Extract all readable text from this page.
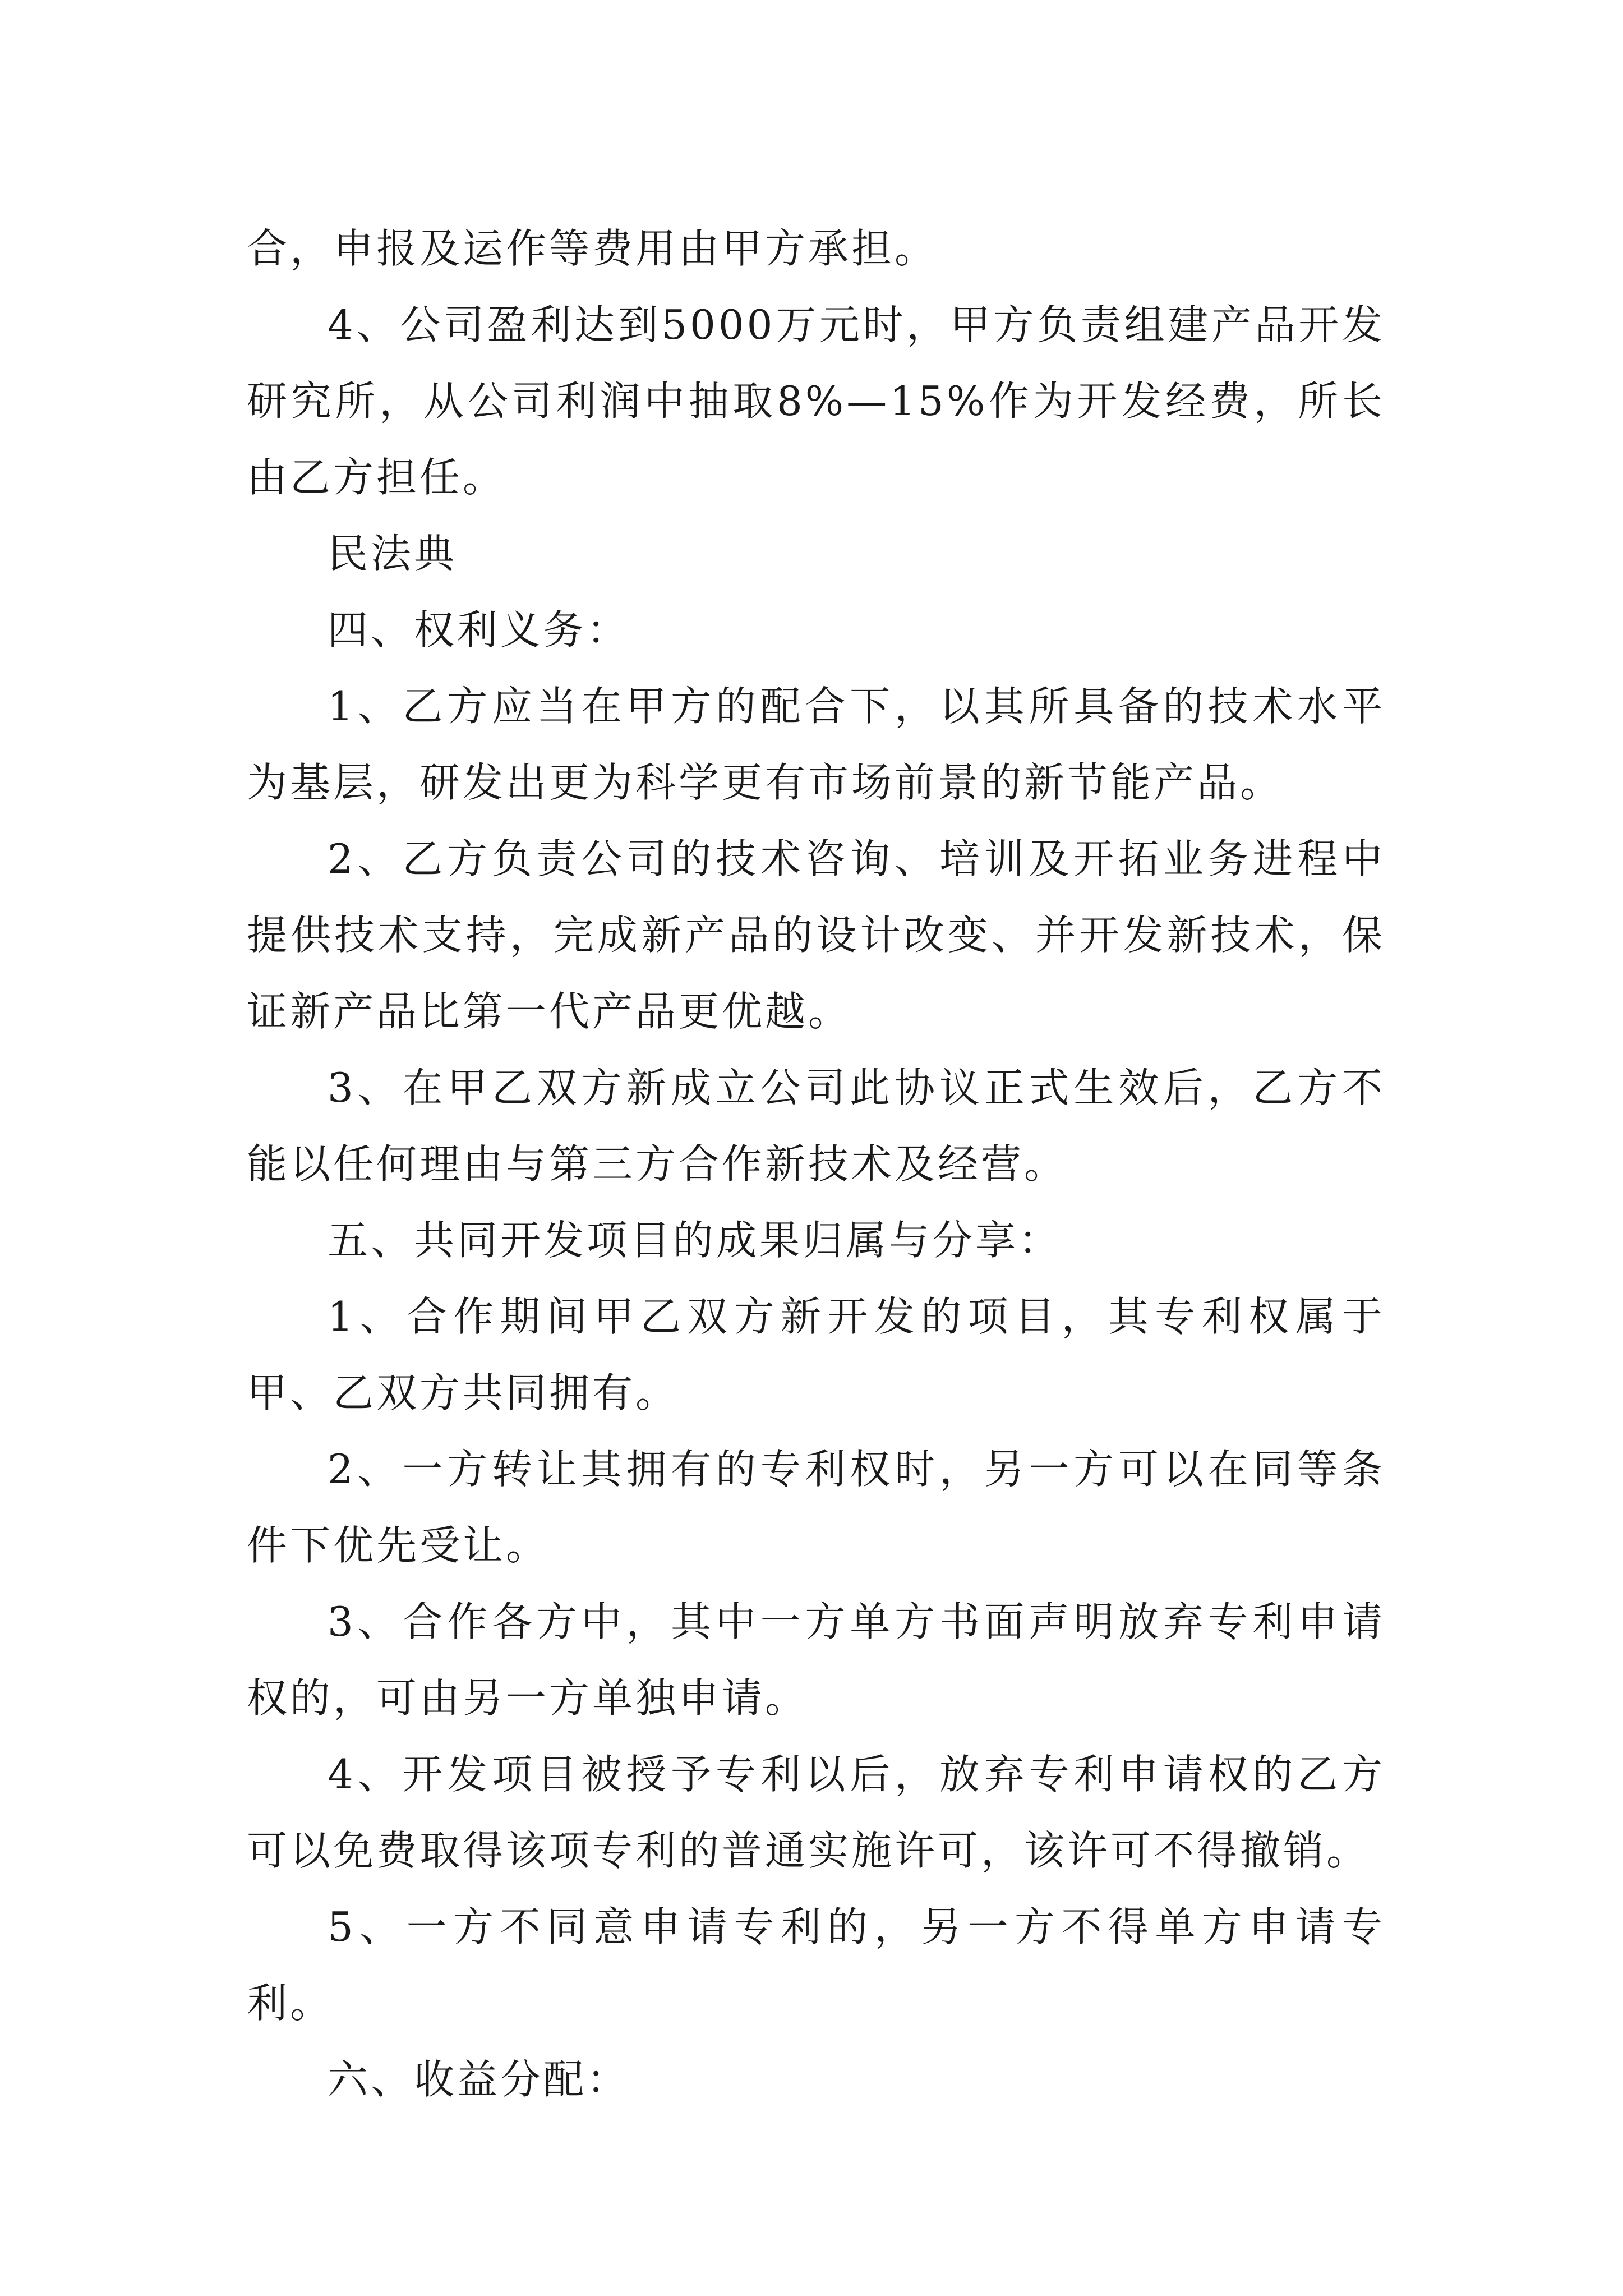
合，申报及运作等费用由甲方承担。

4、公司盈利达到5000万元时，甲方负责组建产品开发研究所，从公司利润中抽取8%—15%作为开发经费，所长由乙方担任。

民法典

四、权利义务：

1、乙方应当在甲方的配合下，以其所具备的技术水平为基层，研发出更为科学更有市场前景的新节能产品。

2、乙方负责公司的技术咨询、培训及开拓业务进程中提供技术支持，完成新产品的设计改变、并开发新技术，保证新产品比第一代产品更优越。

3、在甲乙双方新成立公司此协议正式生效后，乙方不能以任何理由与第三方合作新技术及经营。

五、共同开发项目的成果归属与分享：

1、合作期间甲乙双方新开发的项目，其专利权属于甲、乙双方共同拥有。

2、一方转让其拥有的专利权时，另一方可以在同等条件下优先受让。

3、合作各方中，其中一方单方书面声明放弃专利申请权的，可由另一方单独申请。

4、开发项目被授予专利以后，放弃专利申请权的乙方可以免费取得该项专利的普通实施许可，该许可不得撤销。

5、一方不同意申请专利的，另一方不得单方申请专利。

六、收益分配：
